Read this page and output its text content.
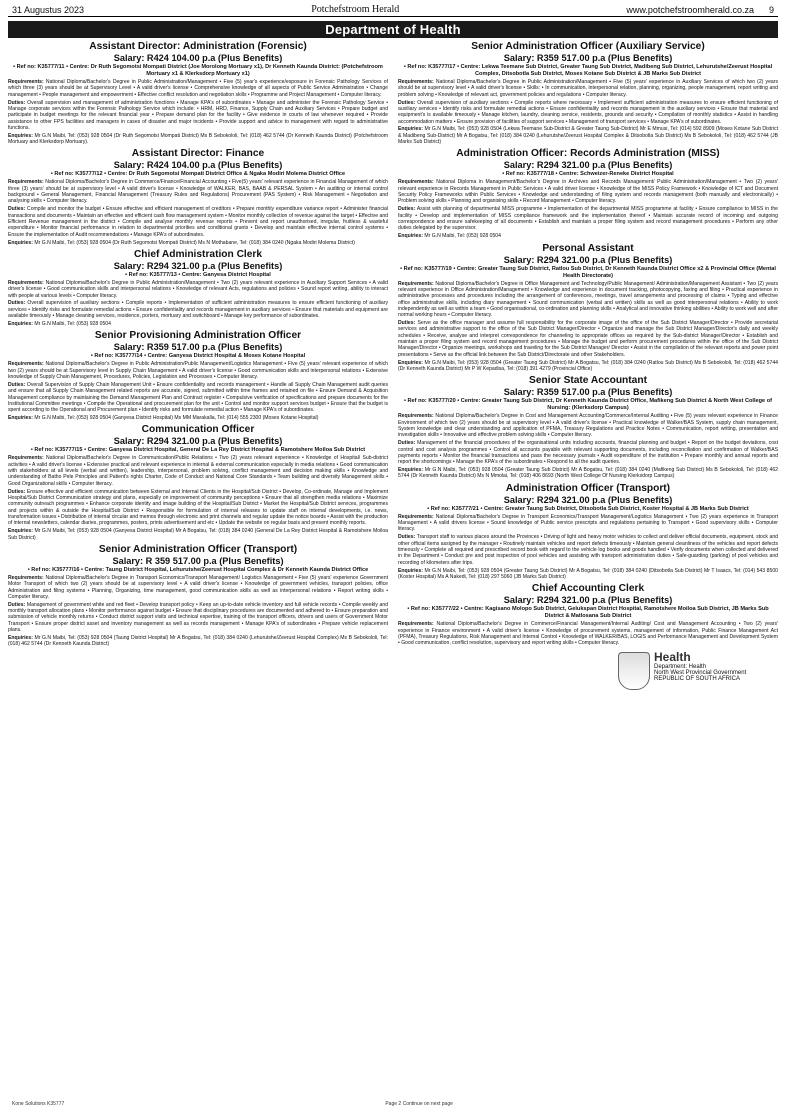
31 Augustus 2023	Potchefstroom Herald	www.potchefstroomherald.co.za 9
Department of Health
Assistant Director: Administration (Forensic)
Salary: R424 104.00 p.a (Plus Benefits)
• Ref no: K35777/11 • Centre: Dr Ruth Segomotsi Mompati District (Joe Morolong Mortuary x1), Dr Kenneth Kaunda District: (Potchefstroom Mortuary x1 & Klerksdorp Mortuary x1)

Requirements: National Diploma/Bachelor's Degree in Public Administration/Management • Five (5) year's experience/exposure in Forensic Pathology Services of which three (3) years should be at Supervisory Level • A valid driver's license • Comprehensive knowledge of all aspects of Public Service Administration • Change management • People management and empowerment • Effective conflict resolution and negotiation skills • Programme and Project Management • Computer literacy.

Duties: Overall supervision and management of administration functions • Manage KPA's of subordinates • Manage and administer the Forensic Pathology Service • Manage corporate services within the Forensic Pathology Service which include: • HRM, HRD, Finance, Supply Chain and Auxiliary Services • Prepare budget and participate in budget meetings for the relevant financial year • Prepare demand plan for the facility • Give evidence in courts of law whenever required • Provide assistance to other FPS facilities and managers in cases of disaster and major incidents • Provide support and advice to management with regard to administrative functions.

Enquiries: Mr G.N Maibi, Tel: (053) 928 0504 (Dr Ruth Segomotsi Mompati District) Ms B Sebokololi, Tel: (018) 462 5744 (Dr Kenneth Kaunda District) (Potchefstroom Mortuary and Klerksdorp Mortuary).

Assistant Director: Finance
Salary: R424 104.00 p.a (Plus Benefits)
• Ref no: K35777/12 • Centre: Dr Ruth Segomotsi Mompati District Office & Ngaka Modiri Molema District Office

Requirements: National Diploma/Bachelor's Degree in Commerce/Finance/Financial Accounting • Five(5) years' relevant experience in Financial Management of which three (3) years' should be at supervisory level • A valid driver's license • Knowledge of WALKER, BAS, BAAB & PERSAL System • An auditing or internal control background • General Management, Financial Management (Treasury Rules and Regulations) Procurement (PAS System) • Risk Management • Negotiation and analysing skills • Computer literacy.

Duties: Compile and monitor the budget • Ensure effective and efficient management of creditors • Prepare monthly expenditure variance report • Administer financial transactions and documents • Maintain an effective and efficient cash flow management system • Monitor monthly collection of revenue against the target • Effective and Efficient Revenue management in the district • Compile and analyse monthly revenue reports • Prevent and report unauthorised, irregular, fruitless & wasteful expenditure • Monitor financial performance in relation to departmental priorities and conditional grants • Develop and maintain effective internal control systems • Ensure the implementation of Audit recommendations • Manage KPA's of subordinates.

Enquiries: Mr G.N Maibi, Tel: (053) 928 0504 (Dr Ruth Segomotsi Mompati District) Ms N Mothabane, Tel: (018) 384 0240 (Ngaka Modiri Molema District)

Chief Administration Clerk
Salary: R294 321.00 p.a (Plus Benefits)
• Ref no: K35777/13 • Centre: Ganyesa District Hospital

Requirements: National Diploma/Bachelor's Degree in Public Administration/Management • Two (2) years relevant experience in Auxiliary Support Services • A valid driver's license • Good communication skills and interpersonal relations • Knowledge of relevant Acts, regulations and policies • Sound report writing, ability to interact with people at various levels • Computer literacy.

Duties: Overall supervision of auxiliary sections • Compile reports • Implementation of sufficient administration measures to ensure efficient functioning of auxiliary services • Identify risks and formulate remedial actions • Ensure confidentiality and records management in auxiliary services • Ensure that materials and equipment are available timeously • Manage cleaning services, residence, porters, mortuary and switchboard • Manage key performance of subordinates.

Enquiries: Mr G.N Maibi, Tel: (053) 928 0504

Senior Provisioning Administration Officer
Salary: R359 517.00 p.a (Plus Benefits)
• Ref no: K35777/14 • Centre: Ganyesa District Hospital & Moses Kotane Hospital

Requirements: National Diploma/Bachelor's Degree in Public Administration/Public Management/Logistics Management • Five (5) years' relevant experience of which two (2) years should be at Supervisory level in Supply Chain Management • A valid driver's license • Good communication skills and interpersonal relations • Extensive knowledge of Supply Chain Management, Procedures, Policies, Legislation and Processes • Computer literacy.

Duties: Overall Supervision of Supply Chain Management Unit • Ensure confidentiality and records management • Handle all Supply Chain Management audit queries and ensure that all Supply Chain Management related reports are accurate, signed, submitted within time frames and retained on file • Ensure Demand & Acquisition Management compliance by maintaining the Demand Management Plan and Contract register • Compulsive verification of specifications and prepare documents for the Institutional Committee meetings • Compile the Operational and procurement plan for the unit • Control and monitor support services budget • Ensure that the budget is spent according to the Operational and Procurement plan • Identify risks and formulate remedial action • Manage KPA's of subordinates.

Enquiries: Mr G.N Maibi, Tel: (053) 928 0504 (Ganyesa District Hospital) Ms MM Marakalla, Tel: (014) 555 2300 (Moses Kotane Hospital)

Communication Officer
Salary: R294 321.00 p.a (Plus Benefits)
• Ref no: K35777/15 • Centre: Ganyesa District Hospital, General De La Rey District Hospital & Ramotshere Moiloa Sub District

Requirements: National Diploma/Bachelor's Degree in Communication/Public Relations • Two (2) years relevant experience • Knowledge of Hospital/ Sub-district activities • A valid driver's license • Extensive practical and relevant experience in internal & external communication especially in media relations • Good communication with stakeholders at all levels (verbal and written), leadership, interpersonal, problem solving, conflict management and decision making skills • Knowledge and understanding of Batho Pele Principles and Patient's rights Charter, Code of Conduct and National Core Standards • Team building and diversity Management skills • Good Organizational skills • Computer literacy.

Duties: Ensure effective and efficient communication between External and Internal Clients in the Hospital/Sub District • Develop, Co-ordinate, Manage and Implement Hospital/Sub District Communication strategy and plans, especially on improvement of community perceptions • Ensure that all strengthen media relations • Maximize community outreach programmes • Enhance corporate identity and image building of the Hospital/Sub District • Market the Hospital/Sub District services, programmes and projects within & outside the Hospital/Sub District • Responsible for formulation of internal releases to update staff on internal developments, i.e. news, transformation issues • Distribution of internal circular and memos through electronic and print channels and regular update the notice boards • Assist with the production of internal newsletters, calendar diaries, programmes, posters, prints advertisement and etc • Update the website on regular basis and present monthly reports.

Enquiries: Mr G.N Maibi, Tel: (053) 928 0504 (Ganyesa District Hospital) Mr A Bogatsu, Tel: (018) 384 0240 (General De La Rey District Hospital & Ramotshere Moiloa Sub District)

Senior Administration Officer (Transport)
Salary: R 359 517.00 p.a (Plus Benefits)
• Ref no: K35777/16 • Centre: Taung District Hospital, Lehurutshe/Zeerust Hospital Complex & Dr Kenneth Kaunda District Office

Requirements: National Diploma/Bachelor's Degree in Transport Economics/Transport Management/ Logistics Management • Five (5) years' experience Government Motor Transport of which two (2) years should be at supervisory level • A valid driver's license • Knowledge of government vehicles, transport policies, office Administration and filing systems • Planning, Organizing, time management, good communication skills as well as interpersonal relations • Report writing skills • Computer literacy.

Duties: Management of government white and red fleet • Develop transport policy • Keep an up-to-date vehicle inventory and full vehicle records • Compile weekly and monthly transport allocation plans • Monitor performance against budget • Ensure that disciplinary procedures are documented and adhered to • Ensure preparation and submission of vehicle monthly returns • Conduct district support visits and technical expertise, training of the transport officers, drivers and users of Government Motor Transport • Ensure proper district asset and inventory management as well as records management • Manage KPA's of subordinates • Prepare vehicle replacement plans.

Enquiries: Mr G.N Maibi, Tel: (053) 928 0504 (Taung District Hospital) Mr A Bogatsu, Tel: (018) 384 0240 (Lehurutshe/Zeerust Hospital Complex) Ms B Sebokololi, Tel: (018) 462 5744 (Dr Kenneth Kaunda District)

Senior Administration Officer (Auxiliary Service)
Salary: R359 517.00 p.a (Plus Benefits)
• Ref no: K35777/17 • Centre: Lekwa Teemane Sub District, Greater Taung Sub District, Madibeng Sub District, Lehurutshe/Zeerust Hospital Complex, Ditsobotla Sub District, Moses Kotane Sub District & JB Marks Sub District

Requirements: National Diploma/Bachelor's Degree in Public Administration/Management • Five (5) years' experience in Auxiliary Services of which two (2) years should be at supervisory level • A valid driver's license • Skills: • In communication, interpersonal relation, planning, organizing, people management, report writing and problem solving • Knowledge of relevant act, government policies and regulations • Computer literacy.

Duties: Overall supervision of auxiliary sections • Compile reports where necessary • Implement sufficient administration measures to ensure efficient functioning of auxiliary services • Identify risks and formulate remedial actions • Ensure confidentiality and records management in the auxiliary services • Ensure that material and equipment's is available timeously • Manage kitchen, laundry, cleaning service, residents, grounds and security • Compilation of monthly statistics • Assist in handling accommodation matters • Ensure provision of facilities of support services • Management of transport services • Manage KPA's of subordinates.

Enquiries: Mr G.N Maibi, Tel: (053) 928 0504 (Lekwa Teemane Sub-District & Greater Taung Sub-District) Mr E Mmusi, Tel: (014) 592 8909 (Moses Kotane Sub District & Madibeng Sub-District) Mr A Bogatsu, Tel: (018) 384 0240 (Lehurutshe/Zeerust Hospital Complex & Ditsobotla Sub District) Ms B Sebokololi, Tel: (018) 462 5744 (JB Marks Sub District)

Administration Officer: Records Administration (MISS)
Salary: R294 321.00 p.a (Plus Benefits)
• Ref no: K35777/18 • Centre: Schweizer-Reneke District Hospital

Requirements: National Diploma in Management/Bachelor's Degree in Archives and Records Management/ Public Administration/Management • Two (2) years' relevant experience in Records Management in Public Services • A valid driver license • Knowledge of the MISS Policy Framework • Knowledge of ICT and Document Security Policy Frameworks within Public Services • Knowledge and understanding of filing system and records management (both manually and electronically) • Problem solving skills • Planning and organising skills • Record Management • Computer literacy.

Duties: Assist with planning of departmental MISS programme • Implementation of the departmental MISS programme at facility • Ensure compliance to MISS in the facility • Develop and implementation of MISS compliance framework and the implementation thereof • Maintain accurate record of incoming and outgoing correspondence and ensure safekeeping of all documents • Establish and maintain a proper filing system and record management procedures • Perform any other duties delegated by the supervisor.

Enquiries: Mr G.N Maibi, Tel: (053) 928 0504

Personal Assistant
Salary: R294 321.00 p.a (Plus Benefits)
• Ref no: K35777/19 • Centre: Greater Taung Sub District, Ratlou Sub District, Dr Kenneth Kaunda District Office x2 & Provincial Office (Mental Health Directorate)

Requirements: National Diploma/Bachelor's Degree in Office Management and Technology/Public Management/ Administration/Management Assistant • Two (2) years relevant experience in Office Administration/Management • Knowledge and experience in document tracking, photocopying, faxing and filing • Practical experience in administrative processes and procedures including the arrangement of conferences, meetings, travel arrangements and processing of claims • Typing and effective office administrative skills, including diary management • Sound communication (verbal and written) skills as well as good interpersonal relations • Ability to work independently as well as within a team • Good organisational, co-ordination and planning skills • Analytical and innovative thinking abilities • Ability to work well and after normal working hours • Computer literacy.

Duties: Serve as the office manager and assume full responsibility for the corporate image of the office of the Sub District Manager/Director • Provide secretarial services and administrative support to the office of the Sub District Manager/Director • Organize and manage the Sub District Manager/Director's daily and weekly schedules • Receive, analyse and interpret correspondence for channeling to appropriate offices as required by the Sub-district Manager/Director • Establish and maintain a proper filing system and record management procedures • Manage the budget and perform procurement procedures within the office of the Sub District Manager/Director • Organize meetings, workshops and traveling for the Sub District Manager/ Director • Assist in the compilation of the relevant reports and power point presentations • Serve as the official link between the Sub District/Directorate and other Stakeholders.

Enquiries: Mr G.N Maibi, Tel: (053) 928 0504 (Greater Taung Sub District) Mr A Bogatsu, Tel: (018) 384 0240 (Ratlou Sub District) Ms B Sebokololi, Tel: (018) 462 5744 (Dr Kenneth Kaunda District) Mr P W Kepadisa, Tel: (018) 391 4279 (Provincial Office)

Senior State Accountant
Salary: R359 517.00 p.a (Plus Benefits)
• Ref no: K35777/20 • Centre: Greater Taung Sub District, Dr Kenneth Kaunda District Office, Mafikeng Sub District & North West College of Nursing: (Klerksdorp Campus)

Requirements: National Diploma/Bachelor's Degree in Cost and Management Accounting/Commerce/Internal Auditing • Five (5) years relevant experience in Finance Environment of which two (2) years should be at supervisory level • A valid driver's license • Practical knowledge of Walker/BAS System, supply chain management, System knowledge and clear understanding and application of PFMA, Treasury Regulations and Practice Notes • Communication, report writing, presentation and investigation skills • Innovative and effective problem solving skills • Computer literacy.

Duties: Management of the financial procedures of the organisational units including accounts, financial planning and budget • Report on the budget deviations, cost control and cost analysis programmes • Control all accounts payable with relevant supporting documents, including reconciliation and confirmation of Walker/BAS payments reports • Monitor the financial transactions and pass the necessary journals • Audit expenditure of the institution • Prepare monthly and annual reports and report the shortcomings • Manage the KPA's of the subordinates • Respond to all the audit queries.

Enquiries: Mr G.N Maibi, Tel: (053) 928 0504 (Greater Taung Sub District) Mr A Bogatsu, Tel: (018) 384 0240 (Mafikeng Sub District) Ms B Sebokololi, Tel: (018) 462 5744 (Dr Kenneth Kaunda District) Ms N Mmolai, Tel: (018) 406 8693 (North West College Of Nursing Klerksdorp Campus)

Administration Officer (Transport)
Salary: R294 321.00 p.a (Plus Benefits)
• Ref no: K35777/21 • Centre: Greater Taung Sub District, Ditsobotla Sub District, Koster Hospital & JB Marks Sub District

Requirements: National Diploma/Bachelor's Degree in Transport Economics/Transport Management/Logistics Management • Two (2) years experience in Transport Management • A valid drivers license • Sound knowledge of Public service prescripts and regulations pertaining to Transport • Good supervisory skills • Computer literacy.

Duties: Transport staff to various places around the Provinces • Driving of light and heavy motor vehicles to collect and deliver official documents, equipment, stock and other official items assigned by the manager • Routinely maintain vehicles and report defects timeously • Maintain general cleanliness of the vehicles and report defects timeously • Complete all required and prescribed record book with regard to the vehicle log books and goods handled • Verify documents when collected and delivered in the Department • Conduct pre and post inspection of pool vehicles and assisting with transport administration duties • Safe-guarding (parking) of pool vehicles and recording of kilometers after trips.

Enquiries: Mr G.N Maibi, Tel: (053) 928 0504 (Greater Taung Sub District) Mr A Bogatsu, Tel: (018) 384 0240 (Ditsobotla Sub District) Mr T Isaacs, Tel: (014) 543 8500 (Koster Hospital) Ms A Nakedi, Tel: (018) 297 5060 (JB Marks Sub District)

Chief Accounting Clerk
Salary: R294 321.00 p.a (Plus Benefits)
• Ref no: K35777/22 • Centre: Kagisano Molopo Sub District, Gelukspan District Hospital, Ramotshere Moiloa Sub District, JB Marks Sub District & Matlosana Sub District

Requirements: National Diploma/Bachelor's Degree in Commerce/Financial Management/Internal Auditing/ Cost and Management Accounting • Two (2) years' experience in Finance environment • A valid driver's license • Knowledge of procurement systems, management of information, Public Finance Management Act (PFMA), Treasury Regulations, Risk Management and Internal Control • Knowledge of WALKER/BAS, LOGIS and Performance Management and Development System • Good communication, conflict resolution, supervisory and report writing skills • Computer literacy.

Health
Department: Health
North West Provincial Government
REPUBLIC OF SOUTH AFRICA
Kone Solutions K35777	Page 2 Continue on next page
